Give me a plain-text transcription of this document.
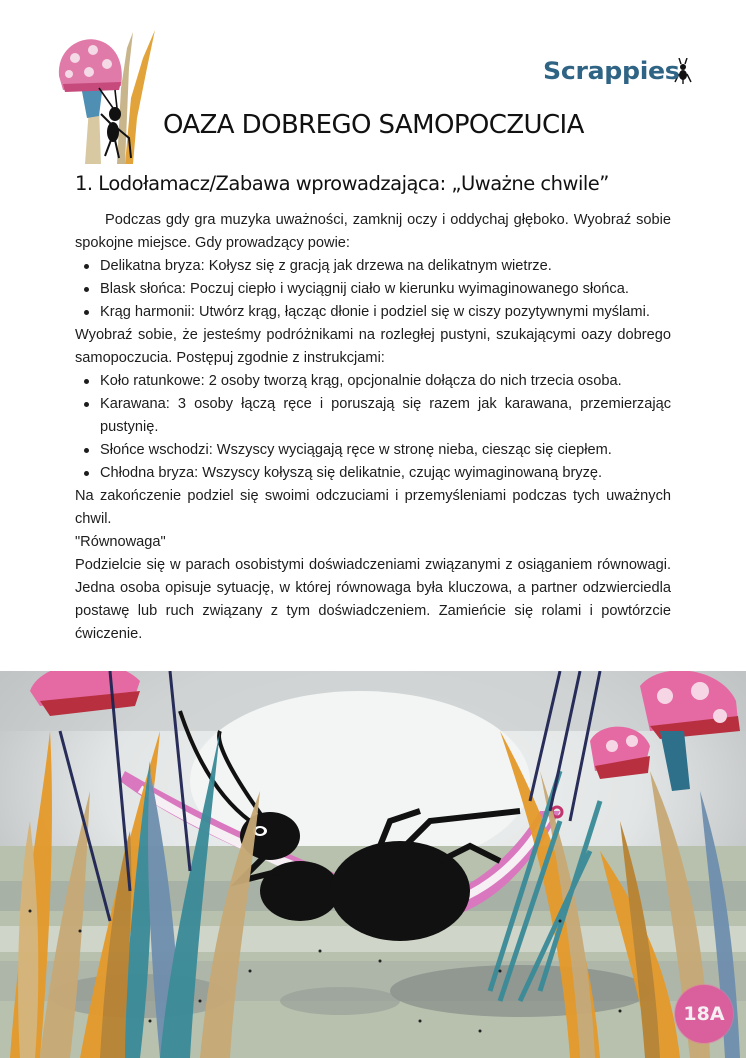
Scrappies
OAZA DOBREGO SAMOPOCZUCIA
1. Lodołamacz/Zabawa wprowadzająca: „Uważne chwile”

Podczas gdy gra muzyka uważności, zamknij oczy i oddychaj głęboko. Wyobraź sobie spokojne miejsce. Gdy prowadzący powie:

Delikatna bryza: Kołysz się z gracją jak drzewa na delikatnym wietrze.
Blask słońca: Poczuj ciepło i wyciągnij ciało w kierunku wyimaginowanego słońca.
Krąg harmonii: Utwórz krąg, łącząc dłonie i podziel się w ciszy pozytywnymi myślami.

Wyobraź sobie, że jesteśmy podróżnikami na rozległej pustyni, szukającymi oazy dobrego samopoczucia. Postępuj zgodnie z instrukcjami:

Koło ratunkowe: 2 osoby tworzą krąg, opcjonalnie dołącza do nich trzecia osoba.
Karawana: 3 osoby łączą ręce i poruszają się razem jak karawana, przemierzając pustynię.
Słońce wschodzi: Wszyscy wyciągają ręce w stronę nieba, ciesząc się ciepłem.
Chłodna bryza: Wszyscy kołyszą się delikatnie, czując wyimaginowaną bryzę.

Na zakończenie podziel się swoimi odczuciami i przemyśleniami podczas tych uważnych chwil.

"Równowaga"

Podzielcie się w parach osobistymi doświadczeniami związanymi z osiąganiem równowagi. Jedna osoba opisuje sytuację, w której równowaga była kluczowa, a partner odzwierciedla postawę lub ruch związany z tym doświadczeniem. Zamieńcie się rolami i powtórzcie ćwiczenie.

18A
